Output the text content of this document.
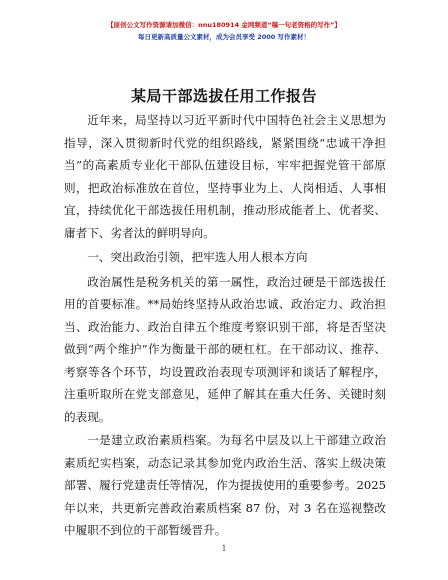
【原创公文写作资源请加微信：nnu180914 金网频道“稿一句老资格的写作”】
每日更新高质量公文素材，成为会员享受 2000 写作素材！
某局干部选拔任用工作报告

近年来，局坚持以习近平新时代中国特色社会主义思想为指导，深入贯彻新时代党的组织路线，紧紧围绕“忠诚干净担当”的高素质专业化干部队伍建设目标，牢牢把握党管干部原则，把政治标准放在首位，坚持事业为上、人岗相适、人事相宜，持续优化干部选拔任用机制，推动形成能者上、优者奖、庸者下、劣者汰的鲜明导向。

一、突出政治引领，把牢选人用人根本方向

政治属性是税务机关的第一属性，政治过硬是干部选拔任用的首要标准。**局始终坚持从政治忠诚、政治定力、政治担当、政治能力、政治自律五个维度考察识别干部，将是否坚决做到“两个维护”作为衡量干部的硬杠杠。在干部动议、推荐、考察等各个环节，均设置政治表现专项测评和谈话了解程序，注重听取所在党支部意见，延伸了解其在重大任务、关键时刻的表现。

一是建立政治素质档案。为每名中层及以上干部建立政治素质纪实档案，动态记录其参加党内政治生活、落实上级决策部署、履行党建责任等情况，作为提拔使用的重要参考。2025 年以来，共更新完善政治素质档案 87 份，对 3 名在巡视整改中履职不到位的干部暂缓晋升。

1
